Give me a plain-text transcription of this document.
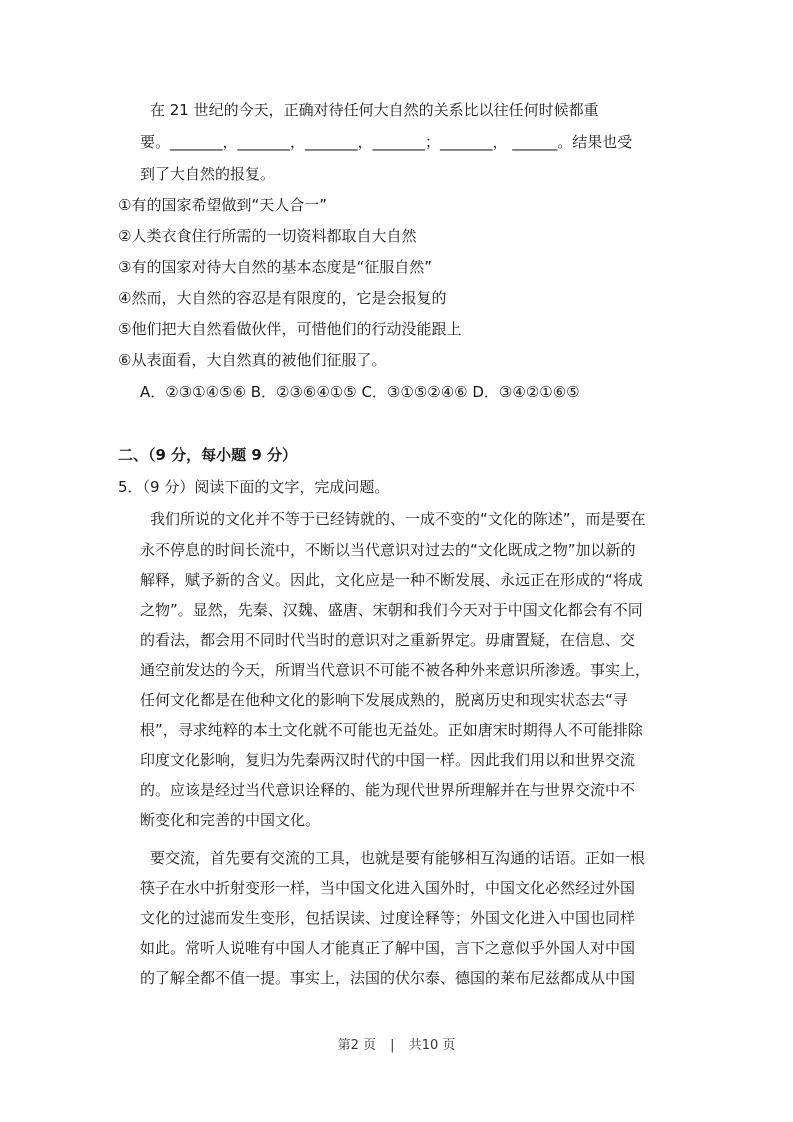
在 21 世纪的今天，正确对待任何大自然的关系比以往任何时候都重
要。_______，_______，_______，_______；_______， ______。结果也受
到了大自然的报复。
①有的国家希望做到“天人合一”
②人类衣食住行所需的一切资料都取自大自然
③有的国家对待大自然的基本态度是“征服自然”
④然而，大自然的容忍是有限度的，它是会报复的
⑤他们把大自然看做伙伴，可惜他们的行动没能跟上
⑥从表面看，大自然真的被他们征服了。
A．②③①④⑤⑥ B．②③⑥④①⑤ C．③①⑤②④⑥ D．③④②①⑥⑤
二、（9 分，每小题 9 分）
5．（9 分）阅读下面的文字，完成问题。
我们所说的文化并不等于已经铸就的、一成不变的“文化的陈述”，而是要在
永不停息的时间长流中，不断以当代意识对过去的“文化既成之物”加以新的
解释，赋予新的含义。因此，文化应是一种不断发展、永远正在形成的“将成
之物”。显然，先秦、汉魏、盛唐、宋朝和我们今天对于中国文化都会有不同
的看法，都会用不同时代当时的意识对之重新界定。毋庸置疑，在信息、交
通空前发达的今天，所谓当代意识不可能不被各种外来意识所渗透。事实上，
任何文化都是在他种文化的影响下发展成熟的，脱离历史和现实状态去“寻
根”，寻求纯粹的本土文化就不可能也无益处。正如唐宋时期得人不可能排除
印度文化影响，复归为先秦两汉时代的中国一样。因此我们用以和世界交流
的。应该是经过当代意识诠释的、能为现代世界所理解并在与世界交流中不
断变化和完善的中国文化。
要交流，首先要有交流的工具，也就是要有能够相互沟通的话语。正如一根
筷子在水中折射变形一样，当中国文化进入国外时，中国文化必然经过外国
文化的过滤而发生变形，包括误读、过度诠释等；外国文化进入中国也同样
如此。常听人说唯有中国人才能真正了解中国，言下之意似乎外国人对中国
的了解全都不值一提。事实上，法国的伏尔泰、德国的莱布尼兹都成从中国
第2 页 | 共10 页
